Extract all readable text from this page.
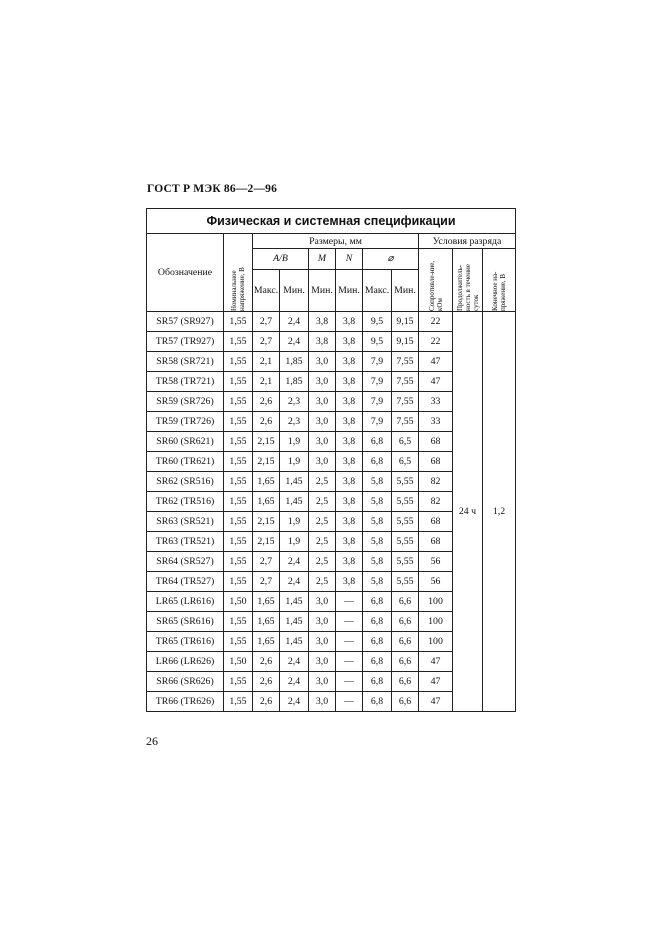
ГОСТ Р МЭК 86—2—96
Физическая и системная спецификации										
Обозначение	Номинальное напряжение, В	Размеры, мм						Условия разряда		
		A/B		M	N	⌀		Сопротивле-ние, кОм	Продолжитель-ность в течение суток	Конечное на-пряжение, В

		Макс.	Мин.	Мин.	Мин.	Макс.	Мин.			
SR57 (SR927)	1,55	2,7	2,4	3,8	3,8	9,5	9,15	22	24 ч	1,2
TR57 (TR927)	1,55	2,7	2,4	3,8	3,8	9,5	9,15	22		
SR58 (SR721)	1,55	2,1	1,85	3,0	3,8	7,9	7,55	47		
TR58 (TR721)	1,55	2,1	1,85	3,0	3,8	7,9	7,55	47		
SR59 (SR726)	1,55	2,6	2,3	3,0	3,8	7,9	7,55	33		
TR59 (TR726)	1,55	2,6	2,3	3,0	3,8	7,9	7,55	33		
SR60 (SR621)	1,55	2,15	1,9	3,0	3,8	6,8	6,5	68		
TR60 (TR621)	1,55	2,15	1,9	3,0	3,8	6,8	6,5	68		
SR62 (SR516)	1,55	1,65	1,45	2,5	3,8	5,8	5,55	82		
TR62 (TR516)	1,55	1,65	1,45	2,5	3,8	5,8	5,55	82		
SR63 (SR521)	1,55	2,15	1,9	2,5	3,8	5,8	5,55	68		
TR63 (TR521)	1,55	2,15	1,9	2,5	3,8	5,8	5,55	68		
SR64 (SR527)	1,55	2,7	2,4	2,5	3,8	5,8	5,55	56		
TR64 (TR527)	1,55	2,7	2,4	2,5	3,8	5,8	5,55	56		
LR65 (LR616)	1,50	1,65	1,45	3,0	—	6,8	6,6	100		
SR65 (SR616)	1,55	1,65	1,45	3,0	—	6,8	6,6	100		
TR65 (TR616)	1,55	1,65	1,45	3,0	—	6,8	6,6	100		
LR66 (LR626)	1,50	2,6	2,4	3,0	—	6,8	6,6	47		
SR66 (SR626)	1,55	2,6	2,4	3,0	—	6,8	6,6	47		
TR66 (TR626)	1,55	2,6	2,4	3,0	—	6,8	6,6	47		
26
